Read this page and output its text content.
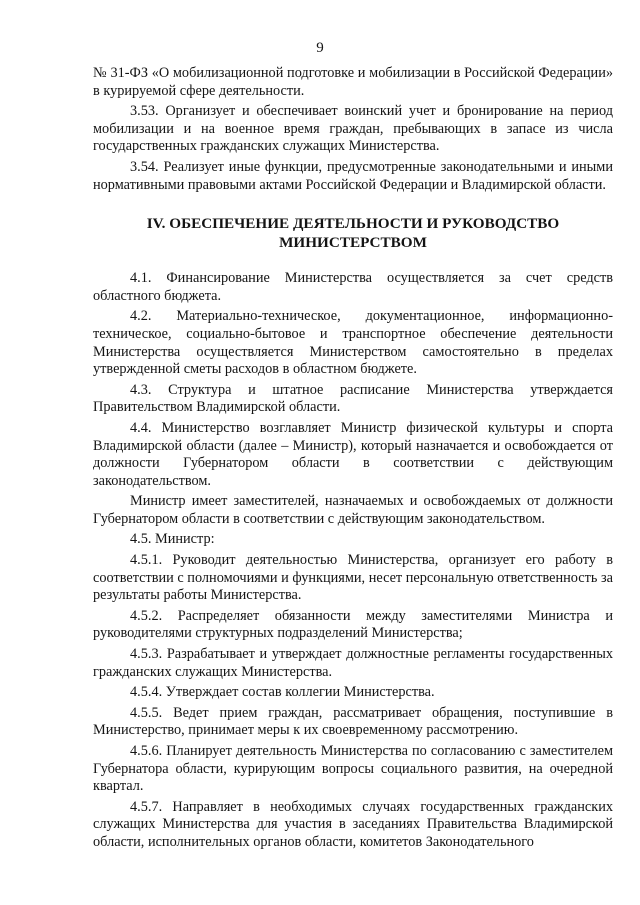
9

№ 31-ФЗ «О мобилизационной подготовке и мобилизации в Российской Федерации» в курируемой сфере деятельности.

3.53. Организует и обеспечивает воинский учет и бронирование на период мобилизации и на военное время граждан, пребывающих в запасе из числа государственных гражданских служащих Министерства.

3.54. Реализует иные функции, предусмотренные законодательными и иными нормативными правовыми актами Российской Федерации и Владимирской области.

IV. ОБЕСПЕЧЕНИЕ ДЕЯТЕЛЬНОСТИ И РУКОВОДСТВО МИНИСТЕРСТВОМ

4.1. Финансирование Министерства осуществляется за счет средств областного бюджета.

4.2. Материально-техническое, документационное, информационно-техническое, социально-бытовое и транспортное обеспечение деятельности Министерства осуществляется Министерством самостоятельно в пределах утвержденной сметы расходов в областном бюджете.

4.3. Структура и штатное расписание Министерства утверждается Правительством Владимирской области.

4.4. Министерство возглавляет Министр физической культуры и спорта Владимирской области (далее – Министр), который назначается и освобождается от должности Губернатором области в соответствии с действующим законодательством.

Министр имеет заместителей, назначаемых и освобождаемых от должности Губернатором области в соответствии с действующим законодательством.

4.5. Министр:

4.5.1. Руководит деятельностью Министерства, организует его работу в соответствии с полномочиями и функциями, несет персональную ответственность за результаты работы Министерства.

4.5.2. Распределяет обязанности между заместителями Министра и руководителями структурных подразделений Министерства;

4.5.3. Разрабатывает и утверждает должностные регламенты государственных гражданских служащих Министерства.

4.5.4. Утверждает состав коллегии Министерства.

4.5.5. Ведет прием граждан, рассматривает обращения, поступившие в Министерство, принимает меры к их своевременному рассмотрению.

4.5.6. Планирует деятельность Министерства по согласованию с заместителем Губернатора области, курирующим вопросы социального развития, на очередной квартал.

4.5.7. Направляет в необходимых случаях государственных гражданских служащих Министерства для участия в заседаниях Правительства Владимирской области, исполнительных органов области, комитетов Законодательного
